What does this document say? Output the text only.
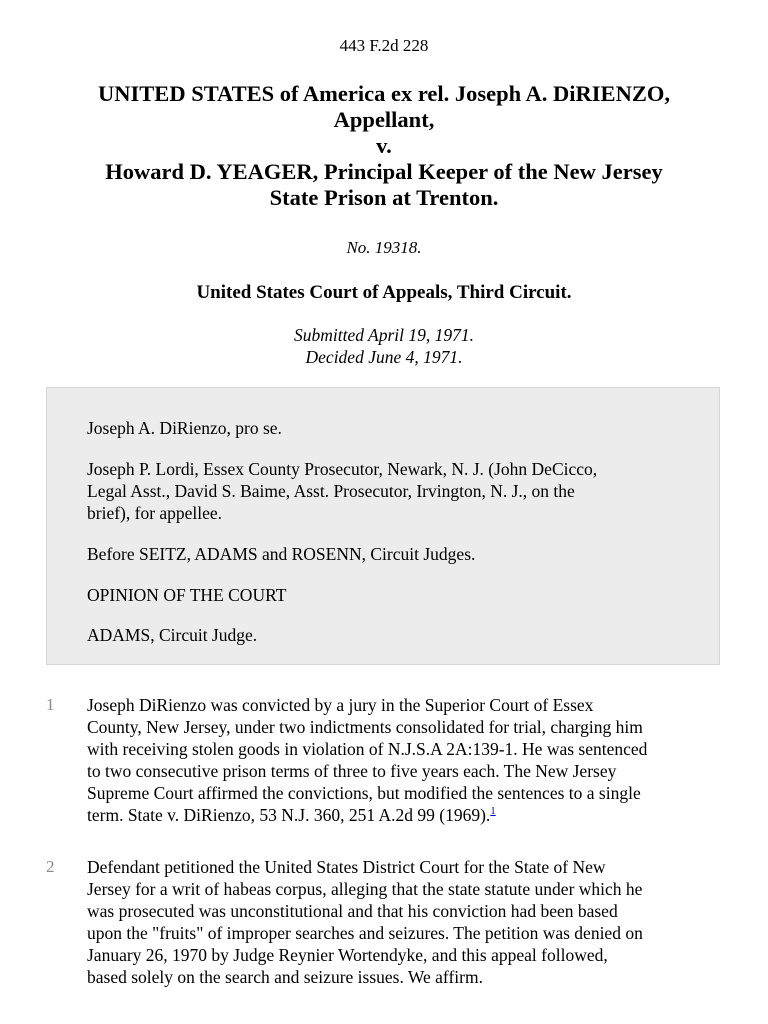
443 F.2d 228
UNITED STATES of America ex rel. Joseph A. DiRIENZO,
Appellant,
v.
Howard D. YEAGER, Principal Keeper of the New Jersey
State Prison at Trenton.
No. 19318.
United States Court of Appeals, Third Circuit.
Submitted April 19, 1971.
Decided June 4, 1971.

Joseph A. DiRienzo, pro se.

Joseph P. Lordi, Essex County Prosecutor, Newark, N. J. (John DeCicco,

Legal Asst., David S. Baime, Asst. Prosecutor, Irvington, N. J., on the

brief), for appellee.

Before SEITZ, ADAMS and ROSENN, Circuit Judges.

OPINION OF THE COURT

ADAMS, Circuit Judge.

1 Joseph DiRienzo was convicted by a jury in the Superior Court of Essex
County, New Jersey, under two indictments consolidated for trial, charging him
with receiving stolen goods in violation of N.J.S.A 2A:139-1. He was sentenced
to two consecutive prison terms of three to five years each. The New Jersey
Supreme Court affirmed the convictions, but modified the sentences to a single
term. State v. DiRienzo, 53 N.J. 360, 251 A.2d 99 (1969).$^1$
2 Defendant petitioned the United States District Court for the State of New
Jersey for a writ of habeas corpus, alleging that the state statute under which he
was prosecuted was unconstitutional and that his conviction had been based
upon the "fruits" of improper searches and seizures. The petition was denied on
January 26, 1970 by Judge Reynier Wortendyke, and this appeal followed,
based solely on the search and seizure issues. We affirm.
